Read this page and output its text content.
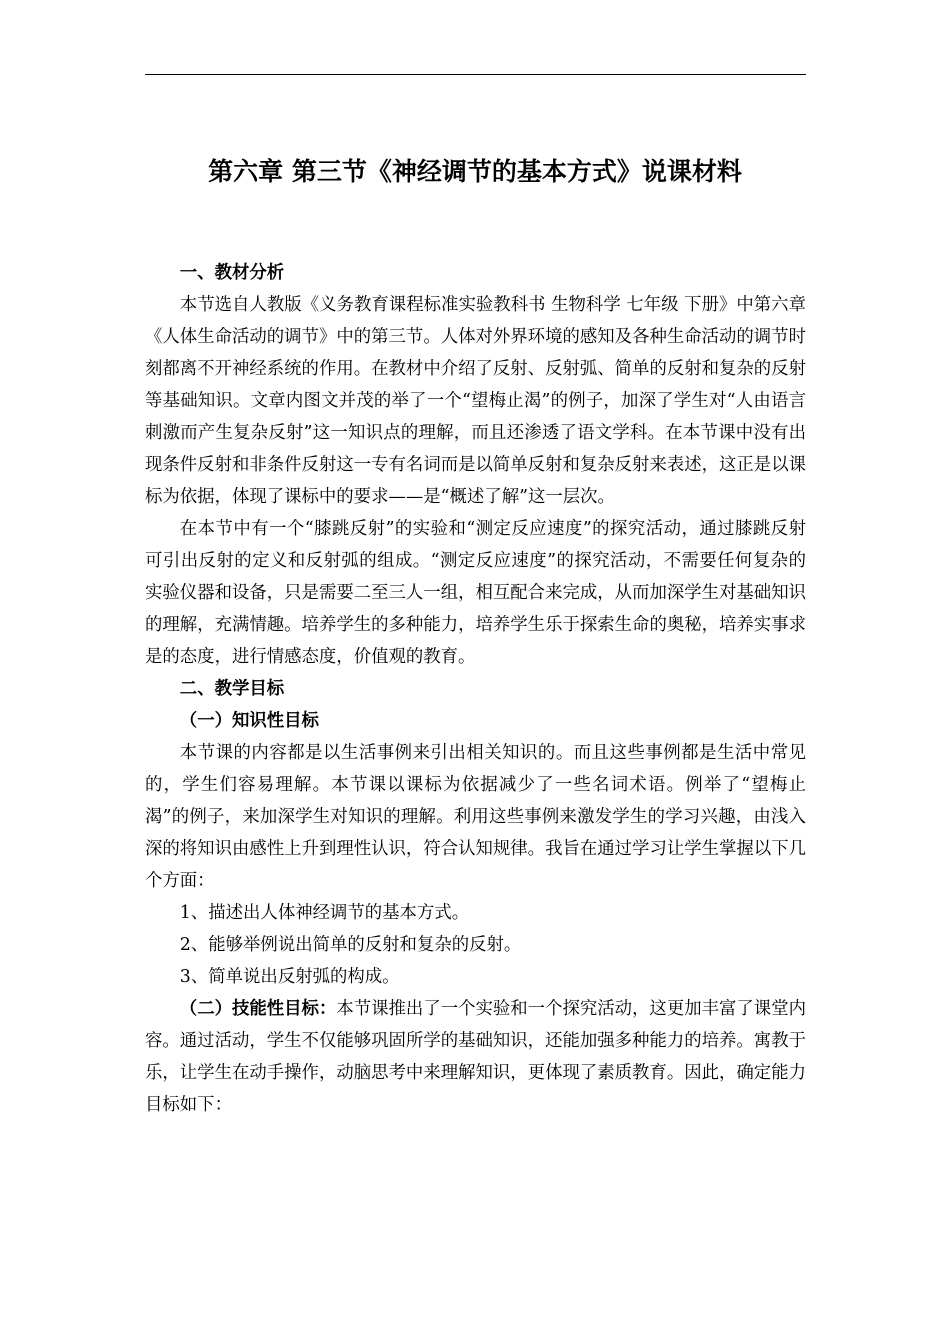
第六章 第三节《神经调节的基本方式》说课材料

一、教材分析

本节选自人教版《义务教育课程标准实验教科书 生物科学 七年级 下册》中第六章《人体生命活动的调节》中的第三节。人体对外界环境的感知及各种生命活动的调节时刻都离不开神经系统的作用。在教材中介绍了反射、反射弧、简单的反射和复杂的反射等基础知识。文章内图文并茂的举了一个“望梅止渴”的例子，加深了学生对“人由语言刺激而产生复杂反射”这一知识点的理解，而且还渗透了语文学科。在本节课中没有出现条件反射和非条件反射这一专有名词而是以简单反射和复杂反射来表述，这正是以课标为依据，体现了课标中的要求——是“概述了解”这一层次。

在本节中有一个“膝跳反射”的实验和“测定反应速度”的探究活动，通过膝跳反射可引出反射的定义和反射弧的组成。“测定反应速度”的探究活动，不需要任何复杂的实验仪器和设备，只是需要二至三人一组，相互配合来完成，从而加深学生对基础知识的理解，充满情趣。培养学生的多种能力，培养学生乐于探索生命的奥秘，培养实事求是的态度，进行情感态度，价值观的教育。

二、教学目标

（一）知识性目标

本节课的内容都是以生活事例来引出相关知识的。而且这些事例都是生活中常见的，学生们容易理解。本节课以课标为依据减少了一些名词术语。例举了“望梅止渴”的例子，来加深学生对知识的理解。利用这些事例来激发学生的学习兴趣，由浅入深的将知识由感性上升到理性认识，符合认知规律。我旨在通过学习让学生掌握以下几个方面：

1、描述出人体神经调节的基本方式。

2、能够举例说出简单的反射和复杂的反射。

3、简单说出反射弧的构成。

（二）技能性目标：本节课推出了一个实验和一个探究活动，这更加丰富了课堂内容。通过活动，学生不仅能够巩固所学的基础知识，还能加强多种能力的培养。寓教于乐，让学生在动手操作，动脑思考中来理解知识，更体现了素质教育。因此，确定能力目标如下：
